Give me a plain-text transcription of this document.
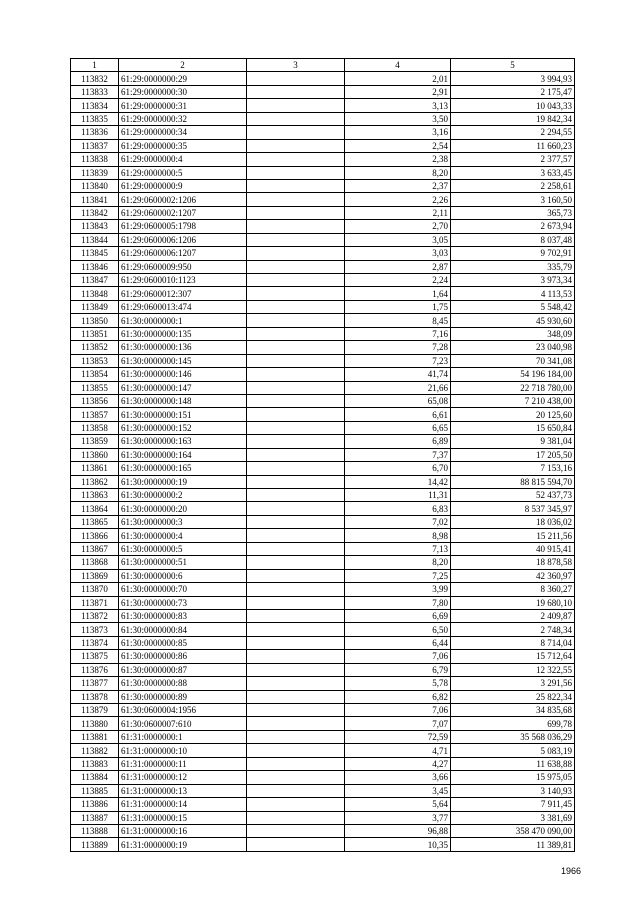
1	2	3	4	5
113832	61:29:0000000:29		2,01	3 994,93
113833	61:29:0000000:30		2,91	2 175,47
113834	61:29:0000000:31		3,13	10 043,33
113835	61:29:0000000:32		3,50	19 842,34
113836	61:29:0000000:34		3,16	2 294,55
113837	61:29:0000000:35		2,54	11 660,23
113838	61:29:0000000:4		2,38	2 377,57
113839	61:29:0000000:5		8,20	3 633,45
113840	61:29:0000000:9		2,37	2 258,61
113841	61:29:0600002:1206		2,26	3 160,50
113842	61:29:0600002:1207		2,11	365,73
113843	61:29:0600005:1798		2,70	2 673,94
113844	61:29:0600006:1206		3,05	8 037,48
113845	61:29:0600006:1207		3,03	9 702,91
113846	61:29:0600009:950		2,87	335,79
113847	61:29:0600010:1123		2,24	3 973,34
113848	61:29:0600012:307		1,64	4 113,53
113849	61:29:0600013:474		1,75	5 548,42
113850	61:30:0000000:1		8,45	45 930,60
113851	61:30:0000000:135		7,16	348,09
113852	61:30:0000000:136		7,28	23 040,98
113853	61:30:0000000:145		7,23	70 341,08
113854	61:30:0000000:146		41,74	54 196 184,00
113855	61:30:0000000:147		21,66	22 718 780,00
113856	61:30:0000000:148		65,08	7 210 438,00
113857	61:30:0000000:151		6,61	20 125,60
113858	61:30:0000000:152		6,65	15 650,84
113859	61:30:0000000:163		6,89	9 381,04
113860	61:30:0000000:164		7,37	17 205,50
113861	61:30:0000000:165		6,70	7 153,16
113862	61:30:0000000:19		14,42	88 815 594,70
113863	61:30:0000000:2		11,31	52 437,73
113864	61:30:0000000:20		6,83	8 537 345,97
113865	61:30:0000000:3		7,02	18 036,02
113866	61:30:0000000:4		8,98	15 211,56
113867	61:30:0000000:5		7,13	40 915,41
113868	61:30:0000000:51		8,20	18 878,58
113869	61:30:0000000:6		7,25	42 360,97
113870	61:30:0000000:70		3,99	8 360,27
113871	61:30:0000000:73		7,80	19 680,10
113872	61:30:0000000:83		6,69	2 409,87
113873	61:30:0000000:84		6,50	2 748,34
113874	61:30:0000000:85		6,44	8 714,04
113875	61:30:0000000:86		7,06	15 712,64
113876	61:30:0000000:87		6,79	12 322,55
113877	61:30:0000000:88		5,78	3 291,56
113878	61:30:0000000:89		6,82	25 822,34
113879	61:30:0600004:1956		7,06	34 835,68
113880	61:30:0600007:610		7,07	699,78
113881	61:31:0000000:1		72,59	35 568 036,29
113882	61:31:0000000:10		4,71	5 083,19
113883	61:31:0000000:11		4,27	11 638,88
113884	61:31:0000000:12		3,66	15 975,05
113885	61:31:0000000:13		3,45	3 140,93
113886	61:31:0000000:14		5,64	7 911,45
113887	61:31:0000000:15		3,77	3 381,69
113888	61:31:0000000:16		96,88	358 470 090,00
113889	61:31:0000000:19		10,35	11 389,81
1966
